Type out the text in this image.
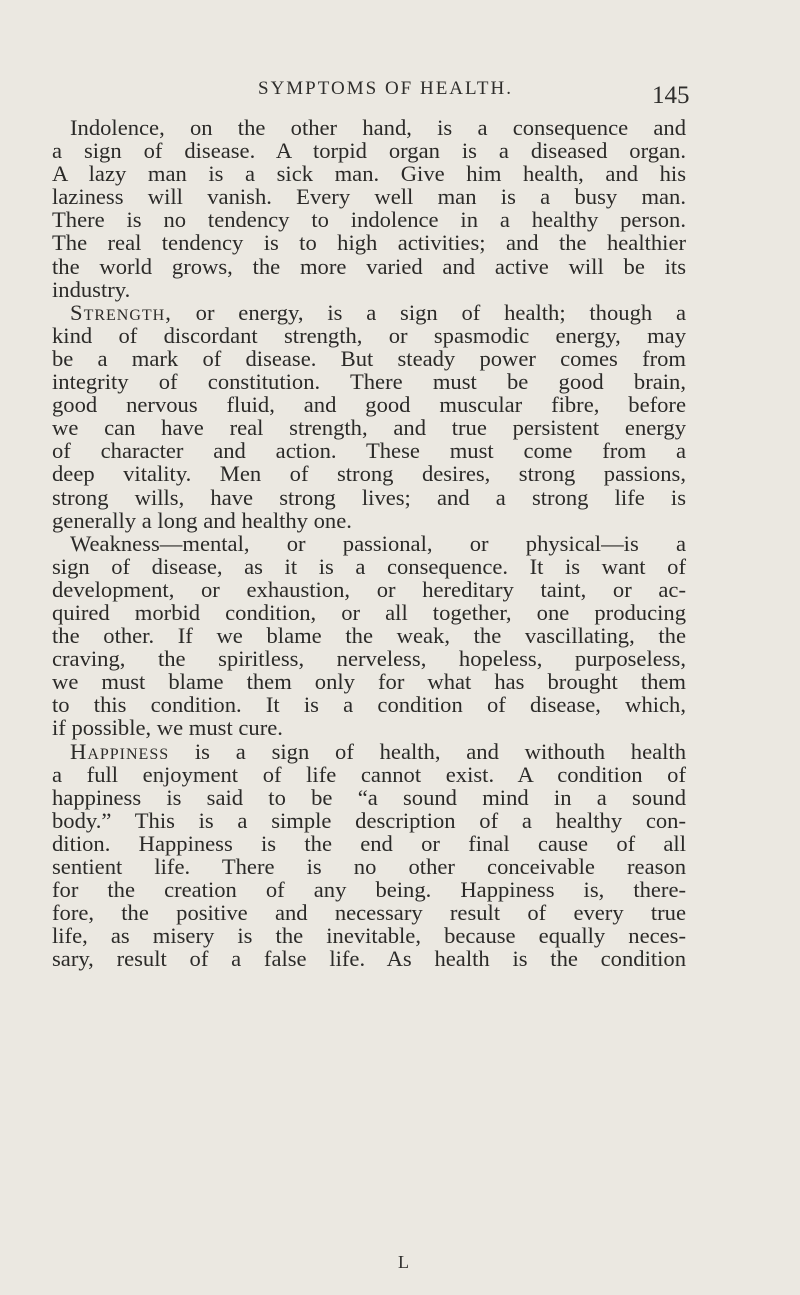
SYMPTOMS OF HEALTH.	145
Indolence, on the other hand, is a consequence and
a sign of disease. A torpid organ is a diseased organ.
A lazy man is a sick man. Give him health, and his
laziness will vanish. Every well man is a busy man.
There is no tendency to indolence in a healthy person.
The real tendency is to high activities; and the healthier
the world grows, the more varied and active will be its
industry.
Strength, or energy, is a sign of health; though a
kind of discordant strength, or spasmodic energy, may
be a mark of disease. But steady power comes from
integrity of constitution. There must be good brain,
good nervous fluid, and good muscular fibre, before
we can have real strength, and true persistent energy
of character and action. These must come from a
deep vitality. Men of strong desires, strong passions,
strong wills, have strong lives; and a strong life is
generally a long and healthy one.
Weakness—mental, or passional, or physical—is a
sign of disease, as it is a consequence. It is want of
development, or exhaustion, or hereditary taint, or ac-
quired morbid condition, or all together, one producing
the other. If we blame the weak, the vascillating, the
craving, the spiritless, nerveless, hopeless, purposeless,
we must blame them only for what has brought them
to this condition. It is a condition of disease, which,
if possible, we must cure.
Happiness is a sign of health, and withouth health
a full enjoyment of life cannot exist. A condition of
happiness is said to be “a sound mind in a sound
body.” This is a simple description of a healthy con-
dition. Happiness is the end or final cause of all
sentient life. There is no other conceivable reason
for the creation of any being. Happiness is, there-
fore, the positive and necessary result of every true
life, as misery is the inevitable, because equally neces-
sary, result of a false life. As health is the condition
L
